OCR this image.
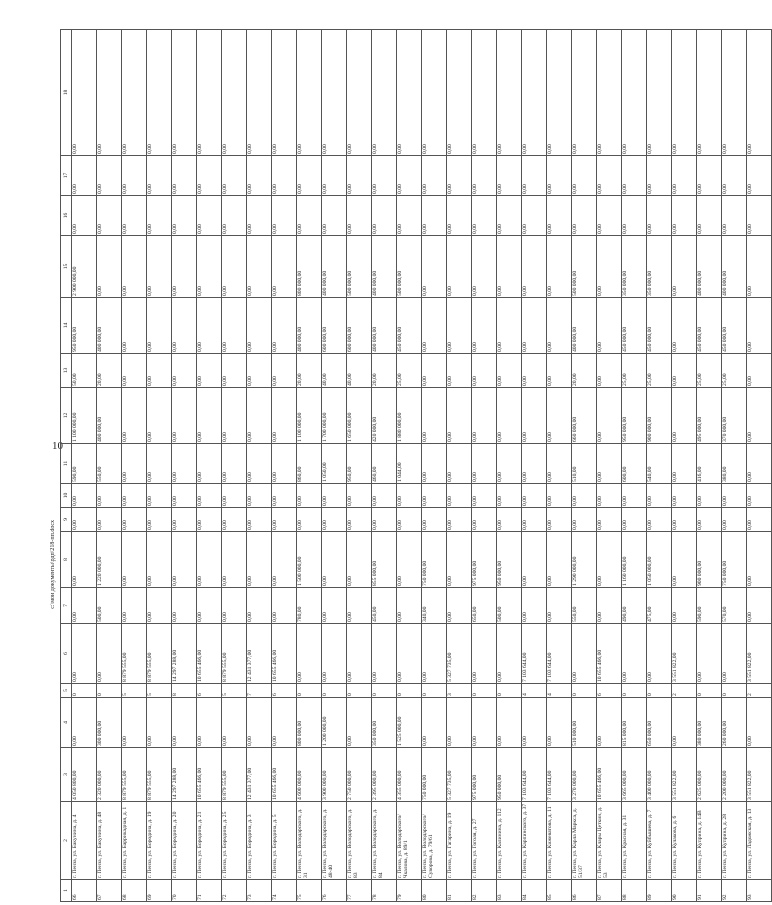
10
1	2	3	4	5	6	7	8	9	10	11	12	13	14	15	16	17	18
66	г. Пенза, ул. Бакунина, д. 4	4 050 800,00	0,00	0	0,00	0,00	0,00	0,00	0,00	590,00	1 100 000,00	50,00	950 000,00	2 900 000,00	0,00	0,00	0,00
67	г. Пенза, ул. Бакунина, д. 48	2 320 000,00	300 000,00	0	0,00	500,00	1 220 000,00	0,00	0,00	550,00	400 000,00	20,00	400 000,00	0,00	0,00	0,00	0,00
68	г. Пенза, ул. Баррикадная, д. 1	8 879 555,00	0,00	5	8 879 555,00	0,00	0,00	0,00	0,00	0,00	0,00	0,00	0,00	0,00	0,00	0,00	0,00
69	г. Пенза, ул. Бородина, д. 19	8 879 555,00	0,00	5	8 879 555,00	0,00	0,00	0,00	0,00	0,00	0,00	0,00	0,00	0,00	0,00	0,00	0,00
70	г. Пенза, ул. Бородина, д. 20	14 297 288,00	0,00	8	14 297 288,00	0,00	0,00	0,00	0,00	0,00	0,00	0,00	0,00	0,00	0,00	0,00	0,00
71	г. Пенза, ул. Бородина, д. 21	10 655 466,00	0,00	6	10 655 466,00	0,00	0,00	0,00	0,00	0,00	0,00	0,00	0,00	0,00	0,00	0,00	0,00
72	г. Пенза, ул. Бородина, д. 25	8 879 555,00	0,00	5	8 879 555,00	0,00	0,00	0,00	0,00	0,00	0,00	0,00	0,00	0,00	0,00	0,00	0,00
73	г. Пенза, ул. Бородина, д. 3	12 431 377,00	0,00	7	12 431 377,00	0,00	0,00	0,00	0,00	0,00	0,00	0,00	0,00	0,00	0,00	0,00	0,00
74	г. Пенза, ул. Бородина, д. 5	10 655 466,00	0,00	6	10 655 466,00	0,00	0,00	0,00	0,00	0,00	0,00	0,00	0,00	0,00	0,00	0,00	0,00
75	г. Пенза, ул. Володарского, д. 31	4 600 000,00	800 000,00	0	0,00	780,00	1 500 000,00	0,00	0,00	860,00	1 100 000,00	20,00	400 000,00	800 000,00	0,00	0,00	0,00
76	г. Пенза, ул. Володарского, д. 48-40	3 900 000,00	1 200 000,00	0	0,00	0,00	0,00	0,00	0,00	1 050,00	1 700 000,00	40,00	600 000,00	400 000,00	0,00	0,00	0,00
77	г. Пенза, ул. Володарского, д. 83	2 750 000,00	0,00	0	0,00	0,00	0,00	0,00	0,00	950,00	1 650 000,00	40,00	600 000,00	500 000,00	0,00	0,00	0,00
78	г. Пенза, ул. Володарского, д. 84	2 395 000,00	350 000,00	0	0,00	450,00	855 000,00	0,00	0,00	460,00	420 000,00	20,00	400 000,00	400 000,00	0,00	0,00	0,00
79	г. Пенза, ул. Володарского/Чкалова, д. 89/1	4 355 000,00	1 525 000,00	0	0,00	0,00	0,00	0,00	0,00	1 044,00	1 880 000,00	25,00	450 000,00	500 000,00	0,00	0,00	0,00
80	г. Пенза, ул. Володарского/Суворова, д. 79/61	750 000,00	0,00	0	0,00	340,00	750 000,00	0,00	0,00	0,00	0,00	0,00	0,00	0,00	0,00	0,00	0,00
81	г. Пенза, ул. Гагарина, д. 19	5 327 735,00	0,00	3	5 327 735,00	0,00	0,00	0,00	0,00	0,00	0,00	0,00	0,00	0,00	0,00	0,00	0,00
82	г. Пенза, ул. Гоголя, д. 27	975 000,00	0,00	0	0,00	650,00	975 000,00	0,00	0,00	0,00	0,00	0,00	0,00	0,00	0,00	0,00	0,00
83	г. Пенза, ул. Калинина, д. 112	950 000,00	0,00	0	0,00	500,00	950 000,00	0,00	0,00	0,00	0,00	0,00	0,00	0,00	0,00	0,00	0,00
84	г. Пенза, ул. Карпинского, д. 37	7 103 644,00	0,00	4	7 103 644,00	0,00	0,00	0,00	0,00	0,00	0,00	0,00	0,00	0,00	0,00	0,00	0,00
85	г. Пенза, ул. Кижеватова, д. 11	7 103 644,00	0,00	4	7 103 644,00	0,00	0,00	0,00	0,00	0,00	0,00	0,00	0,00	0,00	0,00	0,00	0,00
86	г. Пенза, ул. Карла Маркса, д. 51/37	3 270 000,00	510 000,00	0	0,00	550,00	1 290 000,00	0,00	0,00	510,00	660 000,00	20,00	400 000,00	500 000,00	0,00	0,00	0,00
87	г. Пенза, ул. Клары Цеткин, д. 53	10 655 466,00	0,00	6	10 655 466,00	0,00	0,00	0,00	0,00	0,00	0,00	0,00	0,00	0,00	0,00	0,00	0,00
88	г. Пенза, ул. Красная, д. 31	3 665 000,00	815 000,00	0	0,00	490,00	1 160 000,00	0,00	0,00	600,00	950 000,00	25,00	450 000,00	350 000,00	0,00	0,00	0,00
89	г. Пенза, ул. Куйбышева, д. 7	3 400 000,00	650 000,00	0	0,00	475,00	1 050 000,00	0,00	0,00	540,00	900 000,00	25,00	450 000,00	350 000,00	0,00	0,00	0,00
90	г. Пенза, ул. Кулакова, д. 6	3 551 822,00	0,00	2	3 551 822,00	0,00	0,00	0,00	0,00	0,00	0,00	0,00	0,00	0,00	0,00	0,00	0,00
91	г. Пенза, ул. Куприна, д. 14В	2 625 000,00	380 000,00	0	0,00	590,00	900 000,00	0,00	0,00	416,00	495 000,00	25,00	450 000,00	400 000,00	0,00	0,00	0,00
92	г. Пенза, ул. Куприна, д. 28	2 200 000,00	260 000,00	0	0,00	570,00	750 000,00	0,00	0,00	380,00	370 000,00	25,00	450 000,00	400 000,00	0,00	0,00	0,00
93	г. Пенза, ул. Ладожская, д. 13	3 551 822,00	0,00	2	3 551 822,00	0,00	0,00	0,00	0,00	0,00	0,00	0,00	0,00	0,00	0,00	0,00	0,00
c:\мои документы\рдп\218-пп.docx
